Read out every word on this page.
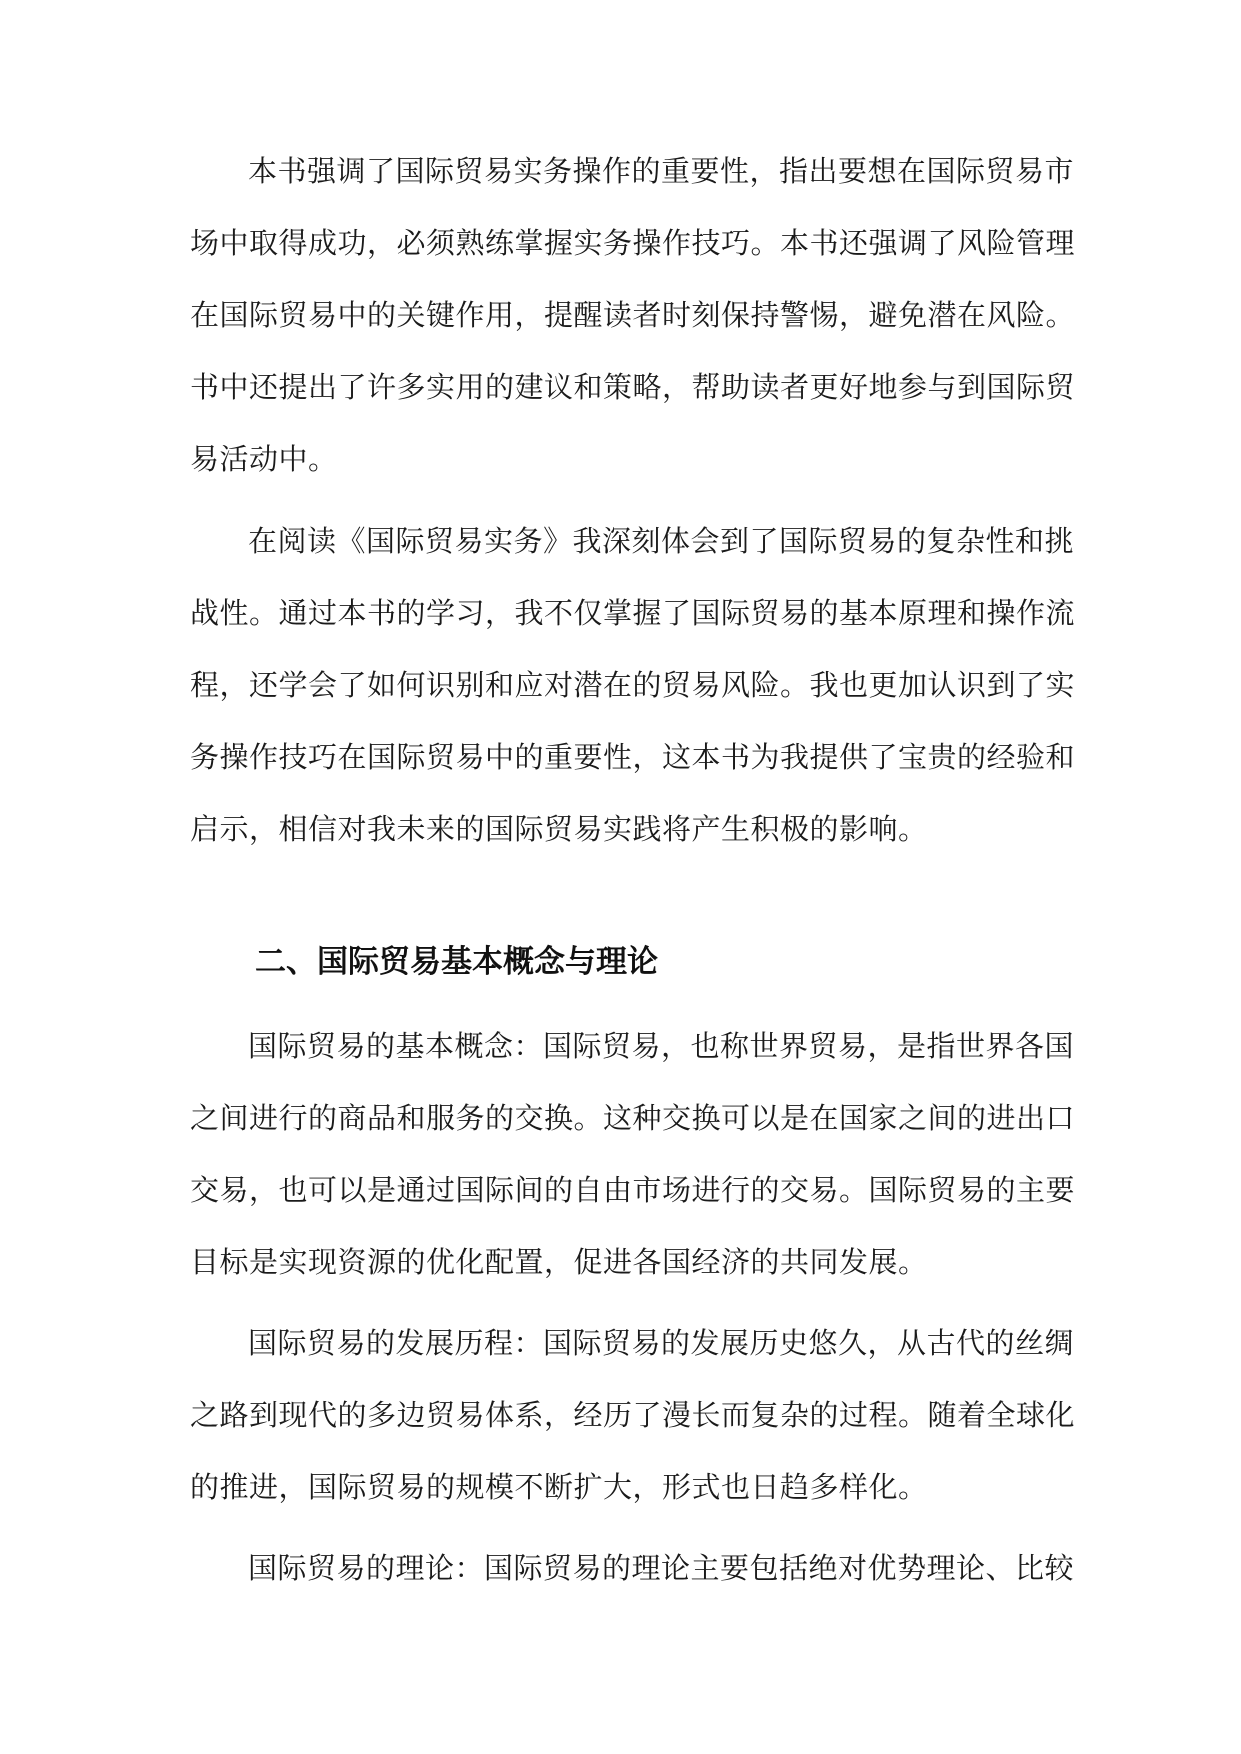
本书强调了国际贸易实务操作的重要性，指出要想在国际贸易市
场中取得成功，必须熟练掌握实务操作技巧。本书还强调了风险管理
在国际贸易中的关键作用，提醒读者时刻保持警惕，避免潜在风险。
书中还提出了许多实用的建议和策略，帮助读者更好地参与到国际贸
易活动中。
在阅读《国际贸易实务》我深刻体会到了国际贸易的复杂性和挑
战性。通过本书的学习，我不仅掌握了国际贸易的基本原理和操作流
程，还学会了如何识别和应对潜在的贸易风险。我也更加认识到了实
务操作技巧在国际贸易中的重要性，这本书为我提供了宝贵的经验和
启示，相信对我未来的国际贸易实践将产生积极的影响。
国际贸易的基本概念：国际贸易，也称世界贸易，是指世界各国
之间进行的商品和服务的交换。这种交换可以是在国家之间的进出口
交易，也可以是通过国际间的自由市场进行的交易。国际贸易的主要
目标是实现资源的优化配置，促进各国经济的共同发展。
国际贸易的发展历程：国际贸易的发展历史悠久，从古代的丝绸
之路到现代的多边贸易体系，经历了漫长而复杂的过程。随着全球化
的推进，国际贸易的规模不断扩大，形式也日趋多样化。
国际贸易的理论：国际贸易的理论主要包括绝对优势理论、比较
二、国际贸易基本概念与理论
